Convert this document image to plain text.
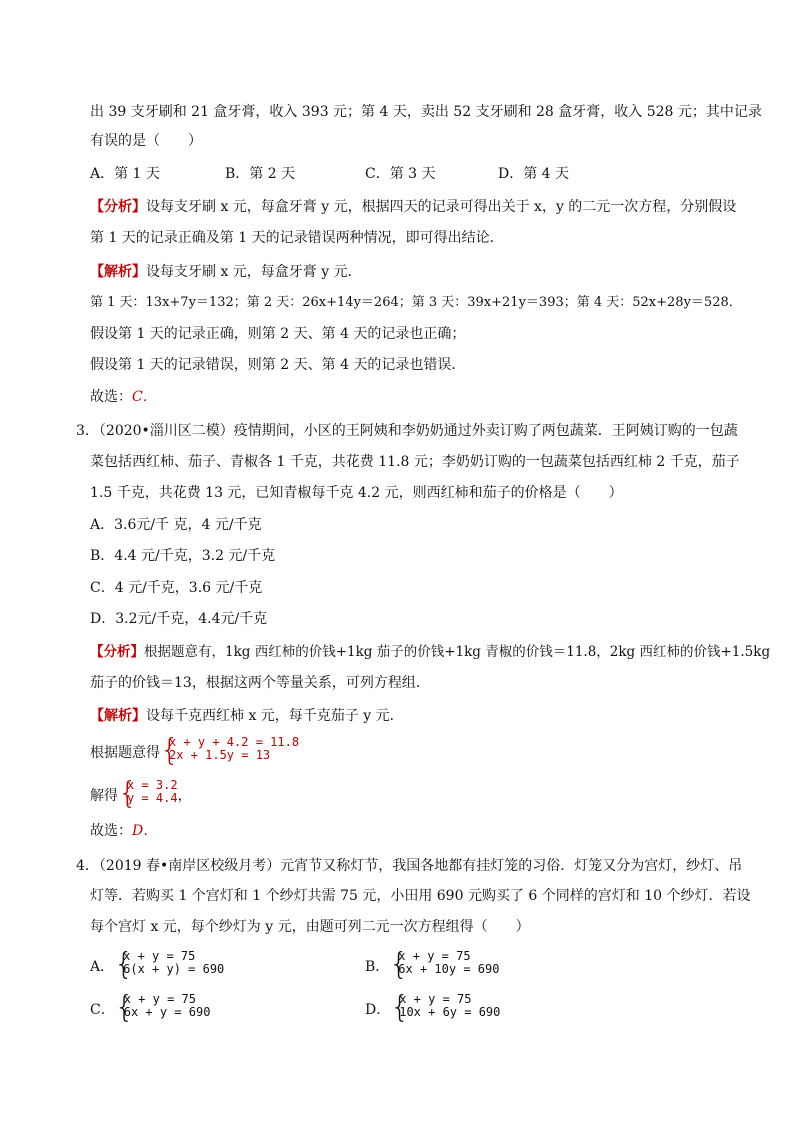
出 39 支牙刷和 21 盒牙膏，收入 393 元；第 4 天，卖出 52 支牙刷和 28 盒牙膏，收入 528 元；其中记录
有误的是（　　）
A．第 1 天	B．第 2 天	C．第 3 天	D．第 4 天
【分析】设每支牙刷 x 元，每盒牙膏 y 元，根据四天的记录可得出关于 x，y 的二元一次方程，分别假设
第 1 天的记录正确及第 1 天的记录错误两种情况，即可得出结论．
【解析】设每支牙刷 x 元，每盒牙膏 y 元．
第 1 天：13x+7y＝132；第 2 天：26x+14y＝264；第 3 天：39x+21y＝393；第 4 天：52x+28y＝528．
假设第 1 天的记录正确，则第 2 天、第 4 天的记录也正确；
假设第 1 天的记录错误，则第 2 天、第 4 天的记录也错误．
故选：C．
3．（2020•淄川区二模）疫情期间，小区的王阿姨和李奶奶通过外卖订购了两包蔬菜．王阿姨订购的一包蔬
菜包括西红柿、茄子、青椒各 1 千克，共花费 11.8 元；李奶奶订购的一包蔬菜包括西红柿 2 千克，茄子
1.5 千克，共花费 13 元，已知青椒每千克 4.2 元，则西红柿和茄子的价格是（　　）
A．3.6元/千 克，4 元/千克
B．4.4 元/千克，3.2 元/千克
C．4 元/千克，3.6 元/千克
D．3.2元/千克，4.4元/千克
【分析】根据题意有，1kg 西红柿的价钱+1kg 茄子的价钱+1kg 青椒的价钱＝11.8，2kg 西红柿的价钱+1.5kg
茄子的价钱＝13，根据这两个等量关系，可列方程组．
【解析】设每千克西红柿 x 元，每千克茄子 y 元．
根据题意得 {
x + y + 4.2 = 11.8
2x + 1.5y = 13
解得 {
x = 3.2
y = 4.4 ，
故选：D．
4．（2019 春•南岸区校级月考）元宵节又称灯节，我国各地都有挂灯笼的习俗．灯笼又分为宫灯，纱灯、吊
灯等．若购买 1 个宫灯和 1 个纱灯共需 75 元，小田用 690 元购买了 6 个同样的宫灯和 10 个纱灯．若设
每个宫灯 x 元，每个纱灯为 y 元，由题可列二元一次方程组得（　　）
A． {
x + y = 75
6(x + y) = 690	B． {
x + y = 75
6x + 10y = 690
C． {
x + y = 75
6x + y = 690	D． {
x + y = 75
10x + 6y = 690
